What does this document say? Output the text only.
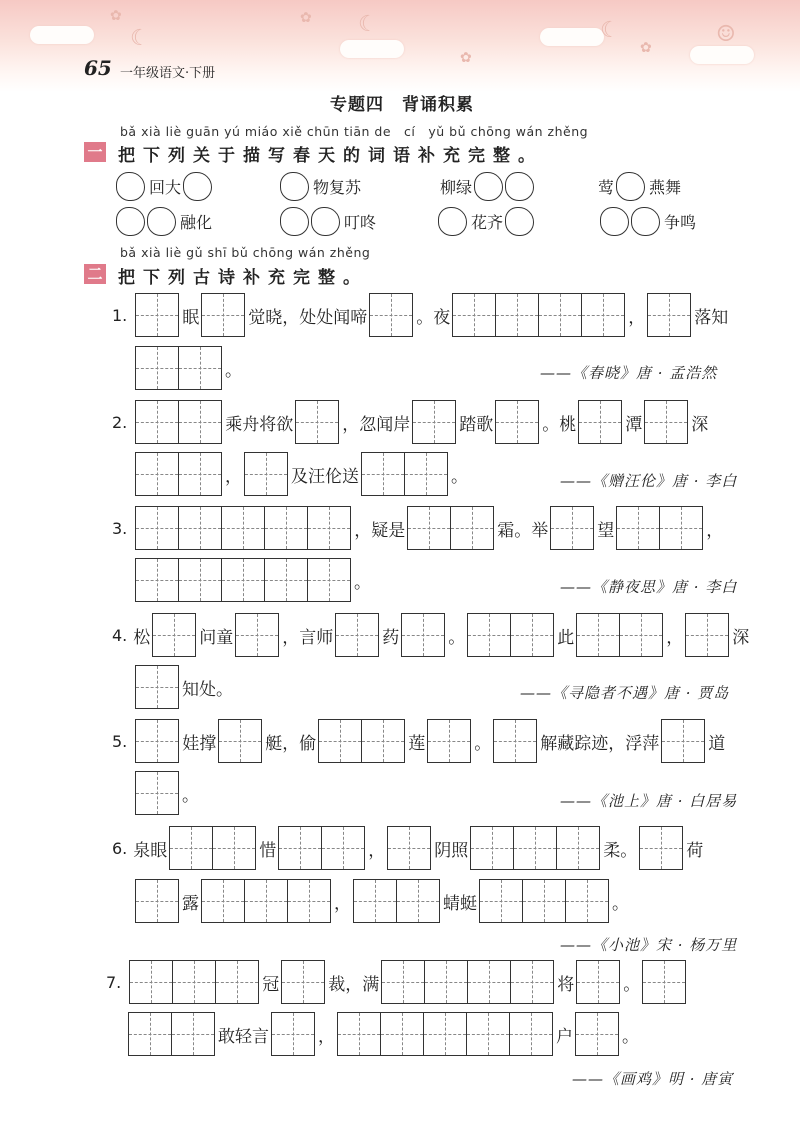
☾
☾	☾
✿	✿
✿
✿
☺
65 一年级语文·下册
专题四　背诵积累
bǎ xià liè guān yú miáo xiě chūn tiān de　cí　yǔ bǔ chōng wán zhěng
一 把下列关于描写春天的词语补充完整。
回大	物复苏	柳绿	莺 燕舞
融化	叮咚	花齐	争鸣
bǎ xià liè gǔ shī bǔ chōng wán zhěng
二 把下列古诗补充完整。
1.	眠	觉晓，处处闻啼	。夜	，	落知
。	——《春晓》唐 · 孟浩然
2.	乘舟将欲	，忽闻岸	踏歌	。桃	潭	深
，	及汪伦送	。	——《赠汪伦》唐 · 李白
3.	，疑是	霜。举	望	，
。	——《静夜思》唐 · 李白
4. 松	问童	，言师	药	。	此	，	深
知处。	——《寻隐者不遇》唐 · 贾岛
5.	娃撑	艇，偷	莲	。	解藏踪迹，浮萍	道
。	——《池上》唐 · 白居易
6. 泉眼	惜	，	阴照	柔。	荷
露	，	蜻蜓	。
——《小池》宋 · 杨万里
7.	冠	裁，满	将	。
敢轻言	，	户	。
——《画鸡》明 · 唐寅
